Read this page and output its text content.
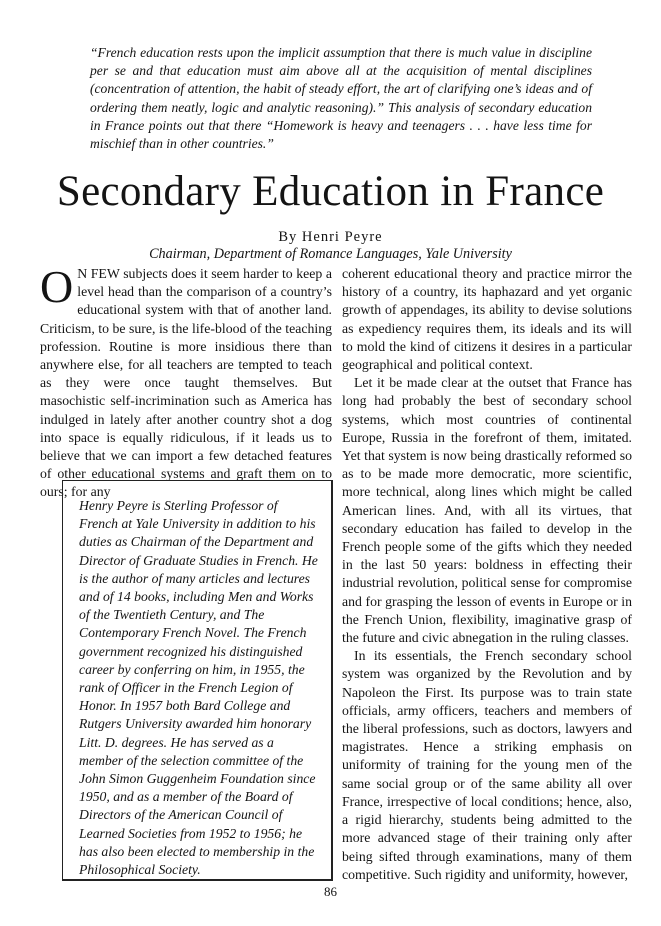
“French education rests upon the implicit assumption that there is much value in discipline per se and that education must aim above all at the acquisition of mental disciplines (concentration of attention, the habit of steady effort, the art of clarifying one’s ideas and of ordering them neatly, logic and analytic reasoning).” This analysis of secondary education in France points out that there “Homework is heavy and teenagers . . . have less time for mischief than in other countries.”
Secondary Education in France
By Henri Peyre
Chairman, Department of Romance Languages, Yale University

O N FEW subjects does it seem harder to keep a level head than the comparison of a country’s educational system with that of another land. Criticism, to be sure, is the life-blood of the teaching profession. Routine is more insidious there than anywhere else, for all teachers are tempted to teach as they were once taught themselves. But masochistic self-incrimination such as America has indulged in lately after another country shot a dog into space is equally ridiculous, if it leads us to believe that we can import a few detached features of other educational systems and graft them on to ours; for any

Henry Peyre is Sterling Professor of French at Yale University in addition to his duties as Chairman of the Department and Director of Graduate Studies in French. He is the author of many articles and lectures and of 14 books, including Men and Works of the Twentieth Century, and The Contemporary French Novel. The French government recognized his distinguished career by conferring on him, in 1955, the rank of Officer in the French Legion of Honor. In 1957 both Bard College and Rutgers University awarded him honorary Litt. D. degrees. He has served as a member of the selection committee of the John Simon Guggenheim Foundation since 1950, and as a member of the Board of Directors of the American Council of Learned Societies from 1952 to 1956; he has also been elected to membership in the Philosophical Society.

coherent educational theory and practice mirror the history of a country, its haphazard and yet organic growth of appendages, its ability to devise solutions as expediency requires them, its ideals and its will to mold the kind of citizens it desires in a particular geographical and political context.

Let it be made clear at the outset that France has long had probably the best of secondary school systems, which most countries of continental Europe, Russia in the forefront of them, imitated. Yet that system is now being drastically reformed so as to be made more democratic, more scientific, more technical, along lines which might be called American lines. And, with all its virtues, that secondary education has failed to develop in the French people some of the gifts which they needed in the last 50 years: boldness in effecting their industrial revolution, political sense for compromise and for grasping the lesson of events in Europe or in the French Union, flexibility, imaginative grasp of the future and civic abnegation in the ruling classes.

In its essentials, the French secondary school system was organized by the Revolution and by Napoleon the First. Its purpose was to train state officials, army officers, teachers and members of the liberal professions, such as doctors, lawyers and magistrates. Hence a striking emphasis on uniformity of training for the young men of the same social group or of the same ability all over France, irrespective of local conditions; hence, also, a rigid hierarchy, students being admitted to the more advanced stage of their training only after being sifted through examinations, many of them competitive. Such rigidity and uniformity, however,

86
